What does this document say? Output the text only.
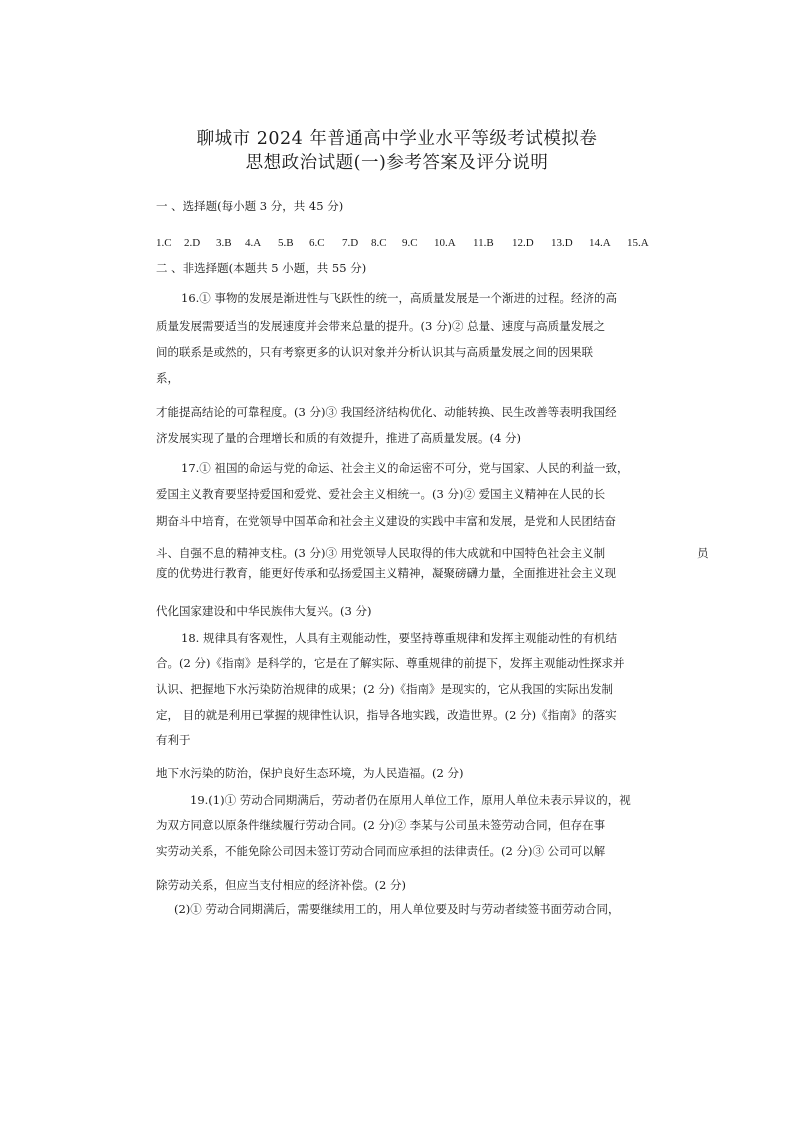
聊城市 2024 年普通高中学业水平等级考试模拟卷
思想政治试题(一)参考答案及评分说明
一 、选择题(每小题 3 分，共 45 分)
1.C 2.D 3.B 4.A 5.B 6.C 7.D 8.C 9.C 10.A 11.B 12.D 13.D 14.A 15.A
二 、非选择题(本题共 5 小题，共 55 分)
16.① 事物的发展是渐进性与飞跃性的统一，高质量发展是一个渐进的过程。经济的高
质量发展需要适当的发展速度并会带来总量的提升。(3 分)② 总量、速度与高质量发展之
间的联系是或然的，只有考察更多的认识对象并分析认识其与高质量发展之间的因果联
系，
才能提高结论的可靠程度。(3 分)③ 我国经济结构优化、动能转换、民生改善等表明我国经
济发展实现了量的合理增长和质的有效提升，推进了高质量发展。(4 分)
17.① 祖国的命运与党的命运、社会主义的命运密不可分，党与国家、人民的利益一致，
爱国主义教育要坚持爱国和爱党、爱社会主义相统一。(3 分)② 爱国主义精神在人民的长
期奋斗中培育，在党领导中国革命和社会主义建设的实践中丰富和发展，是党和人民团结奋
斗、自强不息的精神支柱。(3 分)③ 用党领导人民取得的伟大成就和中国特色社会主义制	员
度的优势进行教育，能更好传承和弘扬爱国主义精神，凝聚磅礴力量，全面推进社会主义现
代化国家建设和中华民族伟大复兴。(3 分)
18. 规律具有客观性，人具有主观能动性，要坚持尊重规律和发挥主观能动性的有机结
合。(2 分)《指南》是科学的，它是在了解实际、尊重规律的前提下，发挥主观能动性探求并
认识、把握地下水污染防治规律的成果；(2 分)《指南》是现实的，它从我国的实际出发制
定， 目的就是利用已掌握的规律性认识，指导各地实践，改造世界。(2 分)《指南》的落实
有利于
地下水污染的防治，保护良好生态环境，为人民造福。(2 分)
19.(1)① 劳动合同期满后，劳动者仍在原用人单位工作，原用人单位未表示异议的，视
为双方同意以原条件继续履行劳动合同。(2 分)② 李某与公司虽未签劳动合同，但存在事
实劳动关系，不能免除公司因未签订劳动合同而应承担的法律责任。(2 分)③ 公司可以解
除劳动关系，但应当支付相应的经济补偿。(2 分)
(2)① 劳动合同期满后，需要继续用工的，用人单位要及时与劳动者续签书面劳动合同，
